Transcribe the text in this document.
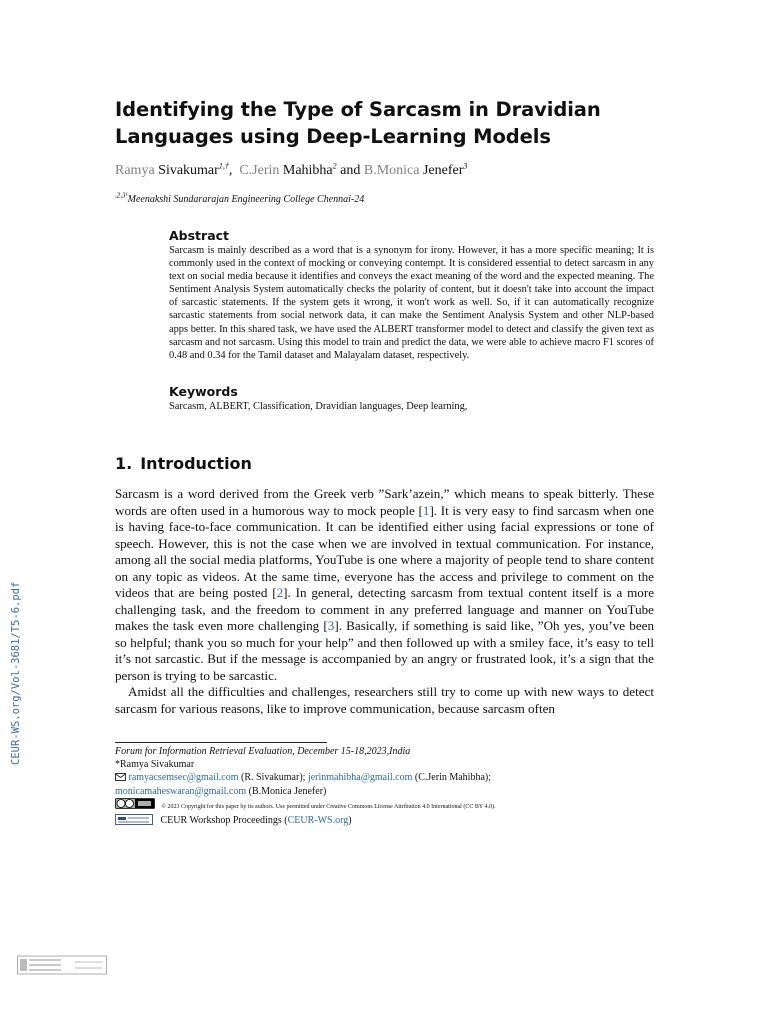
Identifying the Type of Sarcasm in Dravidian
Languages using Deep-Learning Models
Ramya Sivakumar$^{1,\dagger}$,  C.Jerin Mahibha$^2$ and B.Monica Jenefer$^3$
$^{,2,3^1}$Meenakshi Sundararajan Engineering College Chennai-24
Abstract
Sarcasm is mainly described as a word that is a synonym for irony. However, it has a more specific meaning; It is commonly used in the context of mocking or conveying contempt. It is considered essential to detect sarcasm in any text on social media because it identifies and conveys the exact meaning of the word and the expected meaning. The Sentiment Analysis System automatically checks the polarity of content, but it doesn't take into account the impact of sarcastic statements. If the system gets it wrong, it won't work as well. So, if it can automatically recognize sarcastic statements from social network data, it can make the Sentiment Analysis System and other NLP-based apps better. In this shared task, we have used the ALBERT transformer model to detect and classify the given text as sarcasm and not sarcasm. Using this model to train and predict the data, we were able to achieve macro F1 scores of 0.48 and 0.34 for the Tamil dataset and Malayalam dataset, respectively.
Keywords
Sarcasm, ALBERT, Classification, Dravidian languages, Deep learning,
1. Introduction

Sarcasm is a word derived from the Greek verb ”Sark’azein,” which means to speak bitterly. These words are often used in a humorous way to mock people [1]. It is very easy to find sarcasm when one is having face-to-face communication. It can be identified either using facial expressions or tone of speech. However, this is not the case when we are involved in textual communication. For instance, among all the social media platforms, YouTube is one where a majority of people tend to share content on any topic as videos. At the same time, everyone has the access and privilege to comment on the videos that are being posted [2]. In general, detecting sarcasm from textual content itself is a more challenging task, and the freedom to comment in any preferred language and manner on YouTube makes the task even more challenging [3]. Basically, if something is said like, ”Oh yes, you’ve been so helpful; thank you so much for your help” and then followed up with a smiley face, it’s easy to tell it’s not sarcastic. But if the message is accompanied by an angry or frustrated look, it’s a sign that the person is trying to be sarcastic.

Amidst all the difficulties and challenges, researchers still try to come up with new ways to detect sarcasm for various reasons, like to improve communication, because sarcasm often

Forum for Information Retrieval Evaluation, December 15-18,2023,India
*Ramya Sivakumar
ramyacsemsec@gmail.com (R. Sivakumar); jerinmahibha@gmail.com (C.Jerin Mahibha);
monicamaheswaran@gmail.com (B.Monica Jenefer)
© 2023 Copyright for this paper by its authors. Use permitted under Creative Commons License Attribution 4.0 International (CC BY 4.0).
CEUR Workshop Proceedings (CEUR-WS.org)
CEUR-WS.org/Vol-3681/T5-6.pdf
